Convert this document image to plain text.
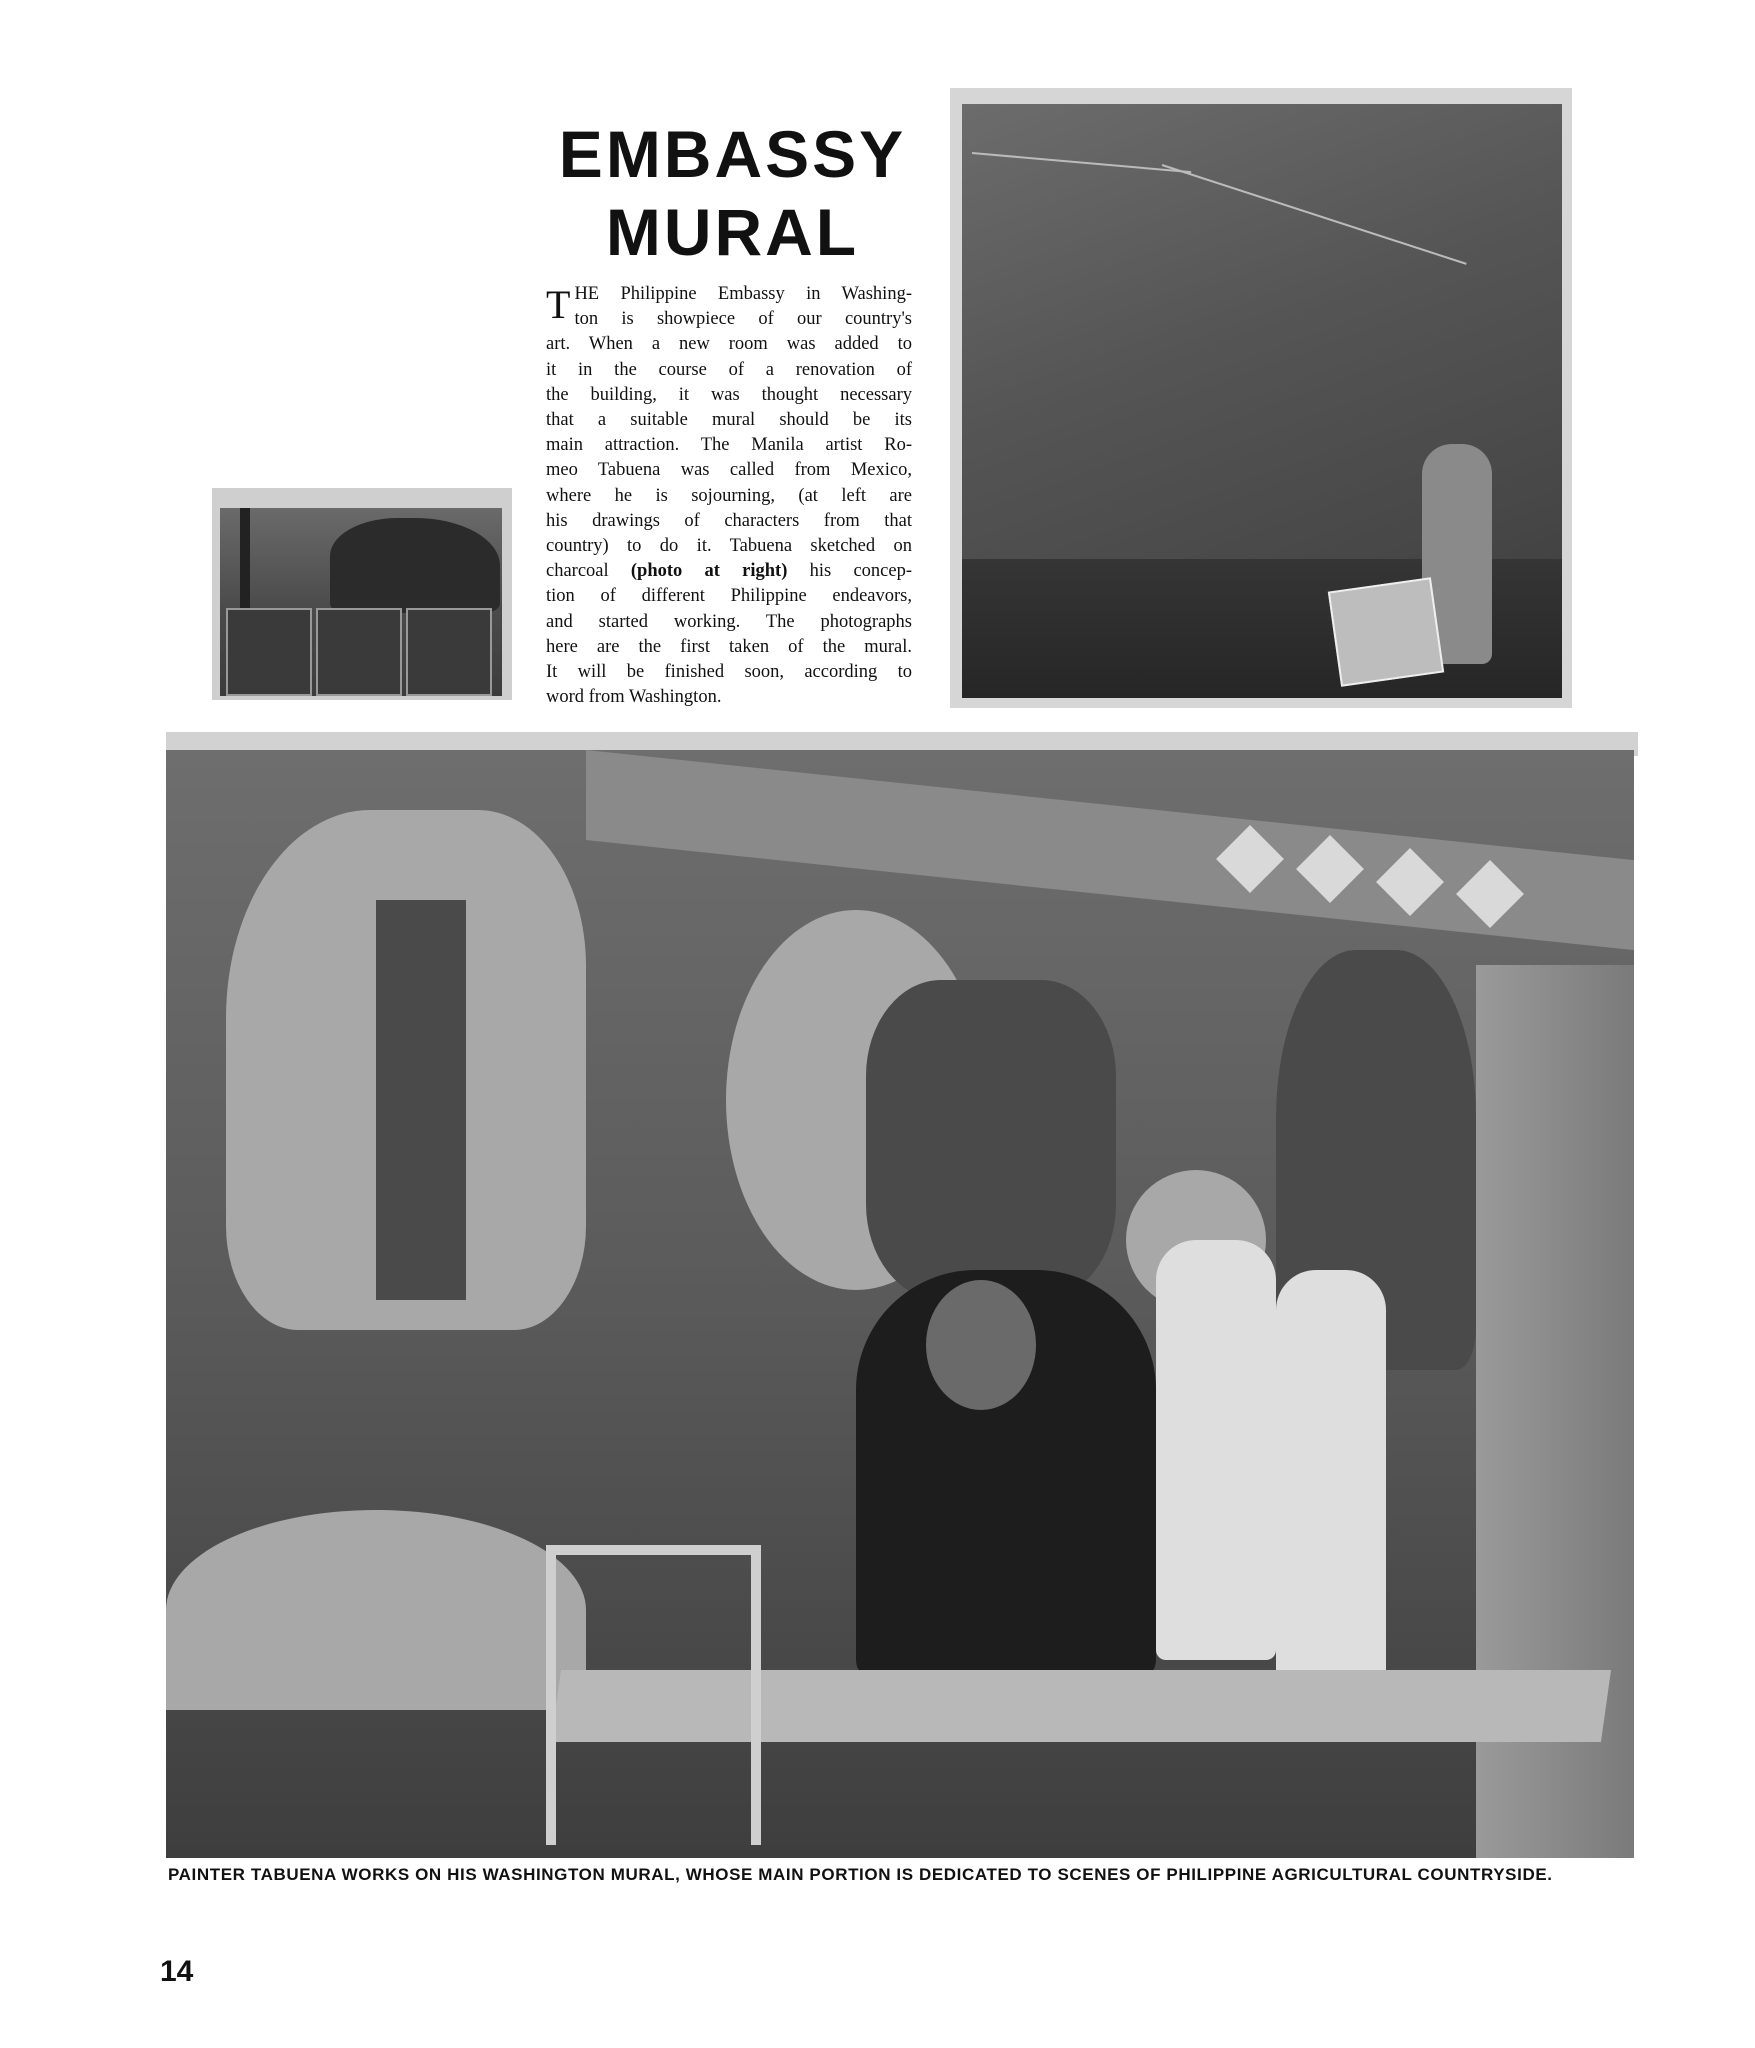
EMBASSY
MURAL
T HE Philippine Embassy in Washing-
ton is showpiece of our country's
art. When a new room was added to
it in the course of a renovation of
the building, it was thought necessary
that a suitable mural should be its
main attraction. The Manila artist Ro-
meo Tabuena was called from Mexico,
where he is sojourning, (at left are
his drawings of characters from that
country) to do it. Tabuena sketched on
charcoal (photo at right) his concep-
tion of different Philippine endeavors,
and started working. The photographs
here are the first taken of the mural.
It will be finished soon, according to
word from Washington.
PAINTER TABUENA WORKS ON HIS WASHINGTON MURAL, WHOSE MAIN PORTION IS DEDICATED TO SCENES OF PHILIPPINE AGRICULTURAL COUNTRYSIDE.
14
